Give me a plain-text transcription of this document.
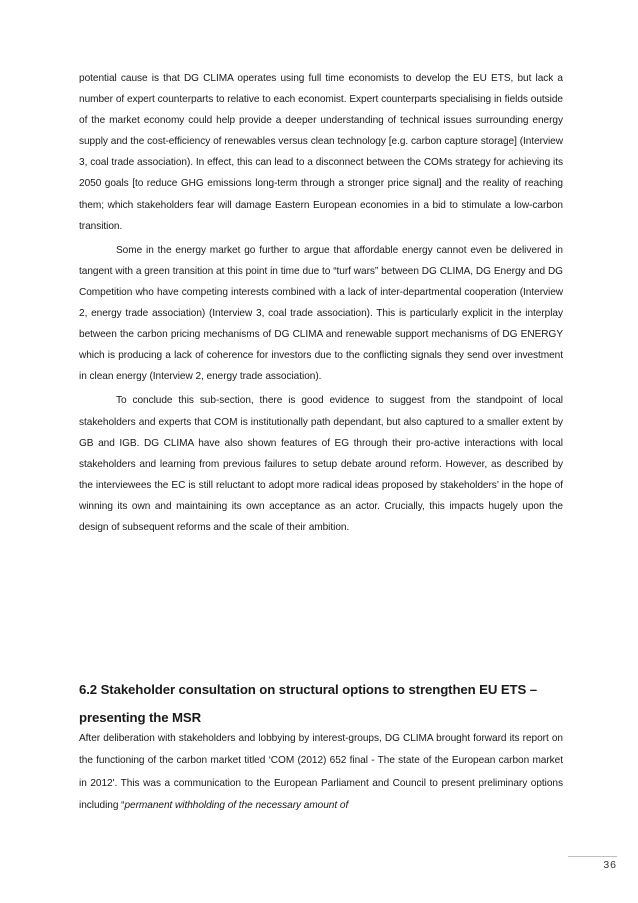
potential cause is that DG CLIMA operates using full time economists to develop the EU ETS, but lack a number of expert counterparts to relative to each economist. Expert counterparts specialising in fields outside of the market economy could help provide a deeper understanding of technical issues surrounding energy supply and the cost-efficiency of renewables versus clean technology [e.g. carbon capture storage] (Interview 3, coal trade association). In effect, this can lead to a disconnect between the COMs strategy for achieving its 2050 goals [to reduce GHG emissions long-term through a stronger price signal] and the reality of reaching them; which stakeholders fear will damage Eastern European economies in a bid to stimulate a low-carbon transition.

Some in the energy market go further to argue that affordable energy cannot even be delivered in tangent with a green transition at this point in time due to “turf wars” between DG CLIMA, DG Energy and DG Competition who have competing interests combined with a lack of inter-departmental cooperation (Interview 2, energy trade association) (Interview 3, coal trade association). This is particularly explicit in the interplay between the carbon pricing mechanisms of DG CLIMA and renewable support mechanisms of DG ENERGY which is producing a lack of coherence for investors due to the conflicting signals they send over investment in clean energy (Interview 2, energy trade association).

To conclude this sub-section, there is good evidence to suggest from the standpoint of local stakeholders and experts that COM is institutionally path dependant, but also captured to a smaller extent by GB and IGB. DG CLIMA have also shown features of EG through their pro-active interactions with local stakeholders and learning from previous failures to setup debate around reform. However, as described by the interviewees the EC is still reluctant to adopt more radical ideas proposed by stakeholders’ in the hope of winning its own and maintaining its own acceptance as an actor. Crucially, this impacts hugely upon the design of subsequent reforms and the scale of their ambition.

6.2 Stakeholder consultation on structural options to strengthen EU ETS – presenting the MSR

After deliberation with stakeholders and lobbying by interest-groups, DG CLIMA brought forward its report on the functioning of the carbon market titled ‘COM (2012) 652 final - The state of the European carbon market in 2012'. This was a communication to the European Parliament and Council to present preliminary options including “permanent withholding of the necessary amount of

36
